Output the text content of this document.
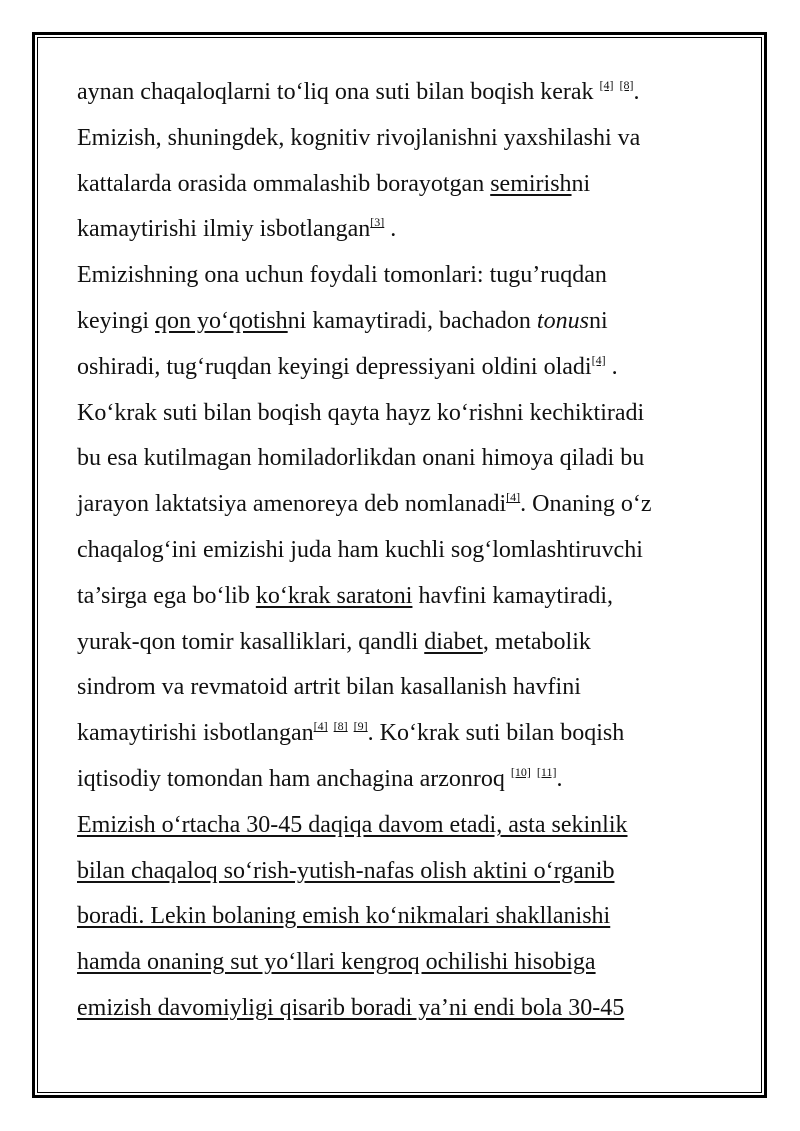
aynan chaqaloqlarni to‘liq ona suti bilan boqish kerak [4] [8].
Emizish, shuningdek, kognitiv rivojlanishni yaxshilashi va
kattalarda orasida ommalashib borayotgan semirishni
kamaytirishi ilmiy isbotlangan[3] .
Emizishning ona uchun foydali tomonlari: tugu’ruqdan
keyingi qon yo‘qotishni kamaytiradi, bachadon tonusni
oshiradi, tug‘ruqdan keyingi depressiyani oldini oladi[4] .
Ko‘krak suti bilan boqish qayta hayz ko‘rishni kechiktiradi
bu esa kutilmagan homiladorlikdan onani himoya qiladi bu
jarayon laktatsiya amenoreya deb nomlanadi[4]. Onaning o‘z
chaqalog‘ini emizishi juda ham kuchli sog‘lomlashtiruvchi
ta’sirga ega bo‘lib ko‘krak saratoni havfini kamaytiradi,
yurak-qon tomir kasalliklari, qandli diabet, metabolik
sindrom va revmatoid artrit bilan kasallanish havfini
kamaytirishi isbotlangan[4] [8] [9]. Ko‘krak suti bilan boqish
iqtisodiy tomondan ham anchagina arzonroq [10] [11].
Emizish o‘rtacha 30-45 daqiqa davom etadi, asta sekinlik
bilan chaqaloq so‘rish-yutish-nafas olish aktini o‘rganib
boradi. Lekin bolaning emish ko‘nikmalari shakllanishi
hamda onaning sut yo‘llari kengroq ochilishi hisobiga
emizish davomiyligi qisarib boradi ya’ni endi bola 30-45
